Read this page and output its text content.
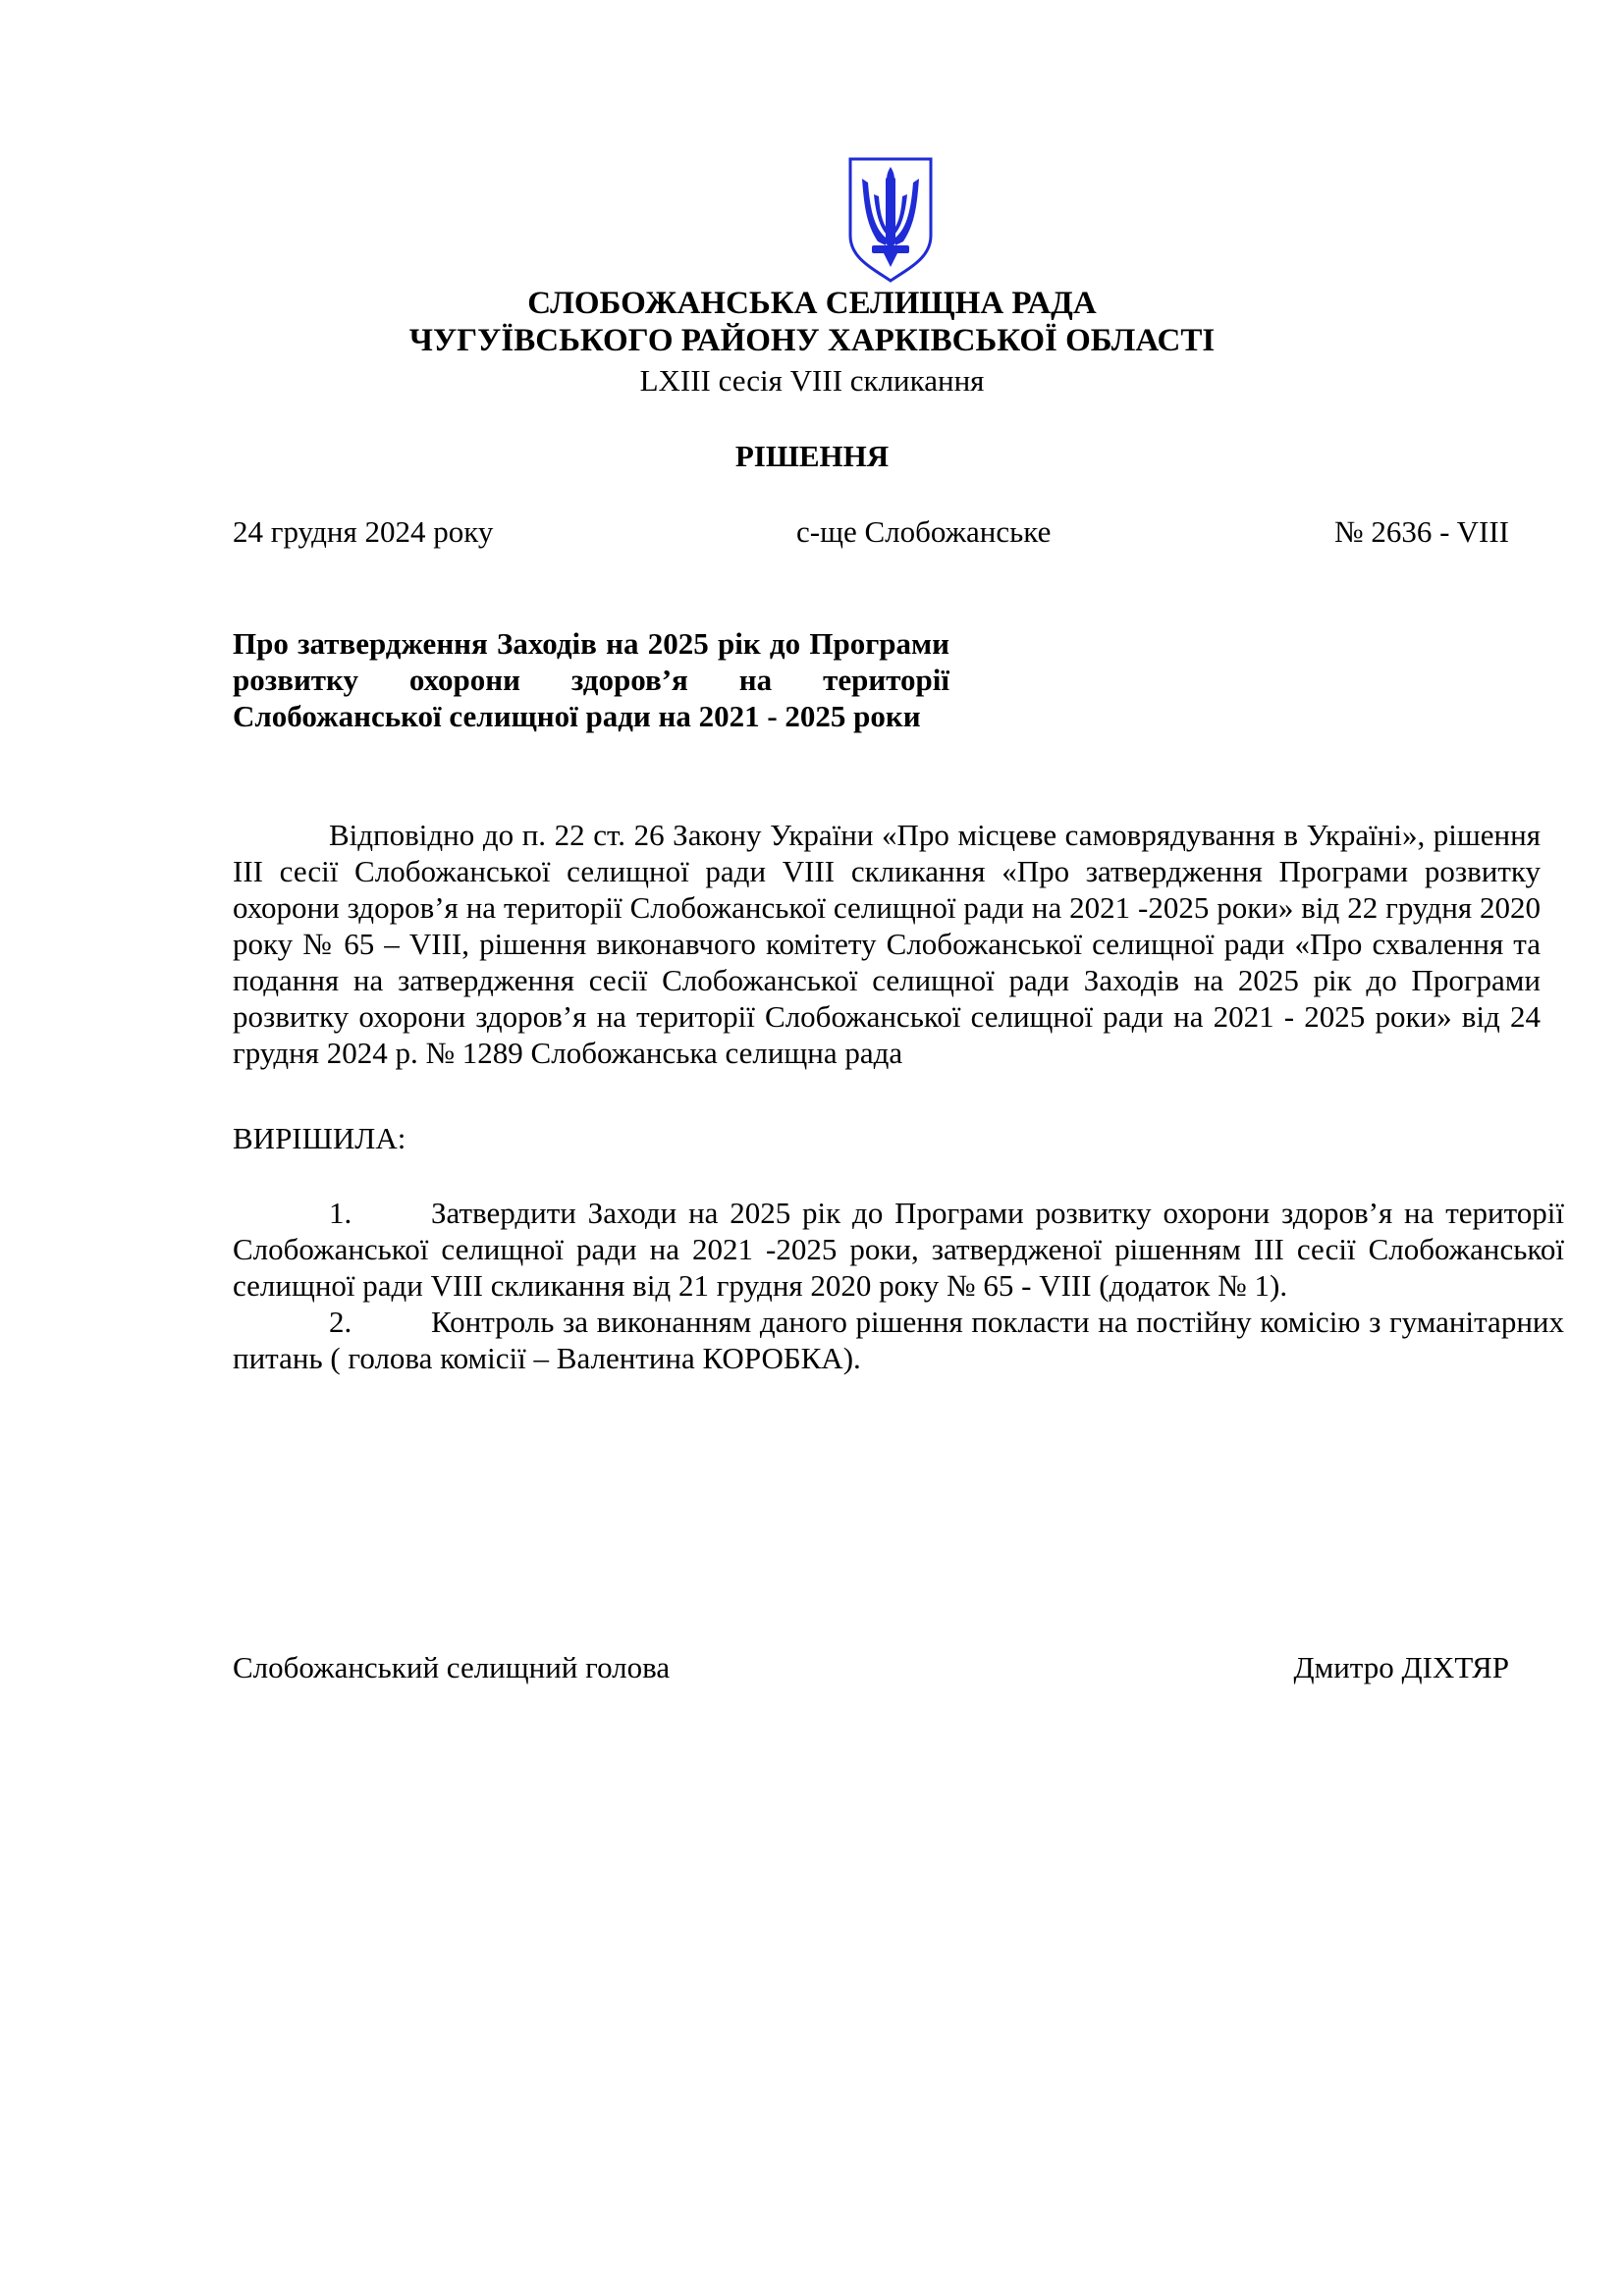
СЛОБОЖАНСЬКА СЕЛИЩНА РАДА
ЧУГУЇВСЬКОГО РАЙОНУ ХАРКІВСЬКОЇ ОБЛАСТІ
LXIII сесія VIII скликання
РІШЕННЯ
24 грудня 2024 року	с-ще Слобожанське	№ 2636 - VIII
Про затвердження Заходів на 2025 рік до Програми розвитку охорони здоров’я на території Слобожанської селищної ради на 2021 - 2025 роки

Відповідно до п. 22 ст. 26 Закону України «Про місцеве самоврядування в Україні», рішення ІІІ сесії Слобожанської селищної ради VIII скликання «Про затвердження Програми розвитку охорони здоров’я на території Слобожанської селищної ради на 2021 -2025 роки» від 22 грудня 2020 року № 65 – VIII, рішення виконавчого комітету Слобожанської селищної ради «Про схвалення та подання на затвердження сесії Слобожанської селищної ради Заходів на 2025 рік до Програми розвитку охорони здоров’я на території Слобожанської селищної ради на 2021 - 2025 роки» від 24 грудня 2024 р. № 1289 Слобожанська селищна рада

ВИРІШИЛА:

1.	Затвердити Заходи на 2025 рік до Програми розвитку охорони здоров’я на території Слобожанської селищної ради на 2021 -2025 роки, затвердженої рішенням ІІІ сесії Слобожанської селищної ради VIII скликання від 21 грудня 2020 року № 65 - VIII (додаток № 1).

2.	Контроль за виконанням даного рішення покласти на постійну комісію з гуманітарних питань ( голова комісії – Валентина КОРОБКА).

Слобожанський селищний голова	Дмитро ДІХТЯР
